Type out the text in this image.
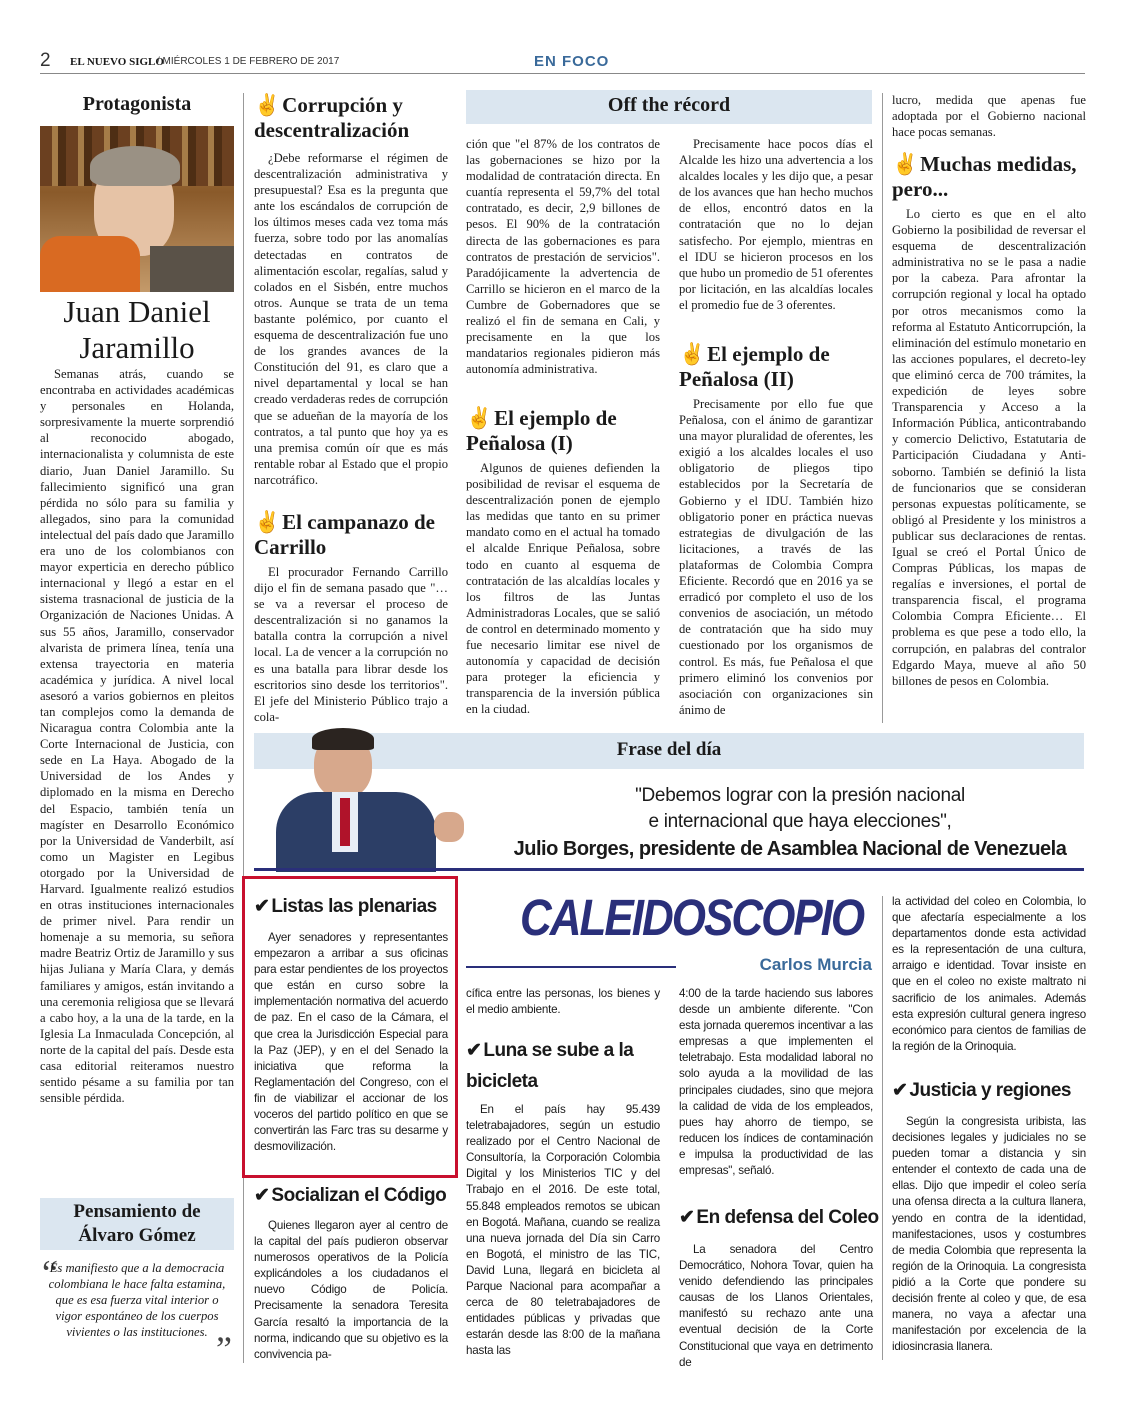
2 EL NUEVO SIGLO
/ MIÉRCOLES 1 DE FEBRERO DE 2017	EN FOCO
Protagonista
Juan Daniel Jaramillo
Semanas atrás, cuando se encontraba en actividades académicas y personales en Holanda, sorpresivamente la muerte sorprendió al reconocido abogado, internacionalista y columnista de este diario, Juan Daniel Jaramillo. Su fallecimiento significó una gran pérdida no sólo para su familia y allegados, sino para la comunidad intelectual del país dado que Jaramillo era uno de los colombianos con mayor experticia en derecho público internacional y llegó a estar en el sistema trasnacional de justicia de la Organización de Naciones Unidas. A sus 55 años, Jaramillo, conservador alvarista de primera línea, tenía una extensa trayectoria en materia académica y jurídica. A nivel local asesoró a varios gobiernos en pleitos tan complejos como la demanda de Nicaragua contra Colombia ante la Corte Internacional de Justicia, con sede en La Haya. Abogado de la Universidad de los Andes y diplomado en la misma en Derecho del Espacio, también tenía un magíster en Desarrollo Económico por la Universidad de Vanderbilt, así como un Magister en Legibus otorgado por la Universidad de Harvard. Igualmente realizó estudios en otras instituciones internacionales de primer nivel. Para rendir un homenaje a su memoria, su señora madre Beatriz Ortiz de Jaramillo y sus hijas Juliana y María Clara, y demás familiares y amigos, están invitando a una ceremonia religiosa que se llevará a cabo hoy, a la una de la tarde, en la Iglesia La Inmaculada Concepción, al norte de la capital del país. Desde esta casa editorial reiteramos nuestro sentido pésame a su familia por tan sensible pérdida.
Pensamiento de Álvaro Gómez
“
Es manifiesto que a la democracia colombiana le hace falta estamina, que es esa fuerza vital interior o vigor espontáneo de los cuerpos vivientes o las instituciones. ”
✌Corrupción y descentralización
¿Debe reformarse el régimen de descentralización administrativa y presupuestal? Esa es la pregunta que ante los escándalos de corrupción de los últimos meses cada vez toma más fuerza, sobre todo por las anomalías detectadas en contratos de alimentación escolar, regalías, salud y colados en el Sisbén, entre muchos otros. Aunque se trata de un tema bastante polémico, por cuanto el esquema de descentralización fue uno de los grandes avances de la Constitución del 91, es claro que a nivel departamental y local se han creado verdaderas redes de corrupción que se adueñan de la mayoría de los contratos, a tal punto que hoy ya es una premisa común oír que es más rentable robar al Estado que el propio narcotráfico.
✌El campanazo de Carrillo
El procurador Fernando Carrillo dijo el fin de semana pasado que "… se va a reversar el proceso de descentralización si no ganamos la batalla contra la corrupción a nivel local. La de vencer a la corrupción no es una batalla para librar desde los escritorios sino desde los territorios". El jefe del Ministerio Público trajo a cola-
Off the récord
ción que "el 87% de los contratos de las gobernaciones se hizo por la modalidad de contratación directa. En cuantía representa el 59,7% del total contratado, es decir, 2,9 billones de pesos. El 90% de la contratación directa de las gobernaciones es para contratos de prestación de servicios". Paradójicamente la advertencia de Carrillo se hicieron en el marco de la Cumbre de Gobernadores que se realizó el fin de semana en Cali, y precisamente en la que los mandatarios regionales pidieron más autonomía administrativa.
✌El ejemplo de Peñalosa (I)
Algunos de quienes defienden la posibilidad de revisar el esquema de descentralización ponen de ejemplo las medidas que tanto en su primer mandato como en el actual ha tomado el alcalde Enrique Peñalosa, sobre todo en cuanto al esquema de contratación de las alcaldías locales y los filtros de las Juntas Administradoras Locales, que se salió de control en determinado momento y fue necesario limitar ese nivel de autonomía y capacidad de decisión para proteger la eficiencia y transparencia de la inversión pública en la ciudad.
Precisamente hace pocos días el Alcalde les hizo una advertencia a los alcaldes locales y les dijo que, a pesar de los avances que han hecho muchos de ellos, encontró datos en la contratación que no lo dejan satisfecho. Por ejemplo, mientras en el IDU se hicieron procesos en los que hubo un promedio de 51 oferentes por licitación, en las alcaldías locales el promedio fue de 3 oferentes.
✌El ejemplo de Peñalosa (II)
Precisamente por ello fue que Peñalosa, con el ánimo de garantizar una mayor pluralidad de oferentes, les exigió a los alcaldes locales el uso obligatorio de pliegos tipo establecidos por la Secretaría de Gobierno y el IDU. También hizo obligatorio poner en práctica nuevas estrategias de divulgación de las licitaciones, a través de las plataformas de Colombia Compra Eficiente. Recordó que en 2016 ya se erradicó por completo el uso de los convenios de asociación, un método de contratación que ha sido muy cuestionado por los organismos de control. Es más, fue Peñalosa el que primero eliminó los convenios por asociación con organizaciones sin ánimo de
lucro, medida que apenas fue adoptada por el Gobierno nacional hace pocas semanas.
✌Muchas medidas, pero...
Lo cierto es que en el alto Gobierno la posibilidad de reversar el esquema de descentralización administrativa no se le pasa a nadie por la cabeza. Para afrontar la corrupción regional y local ha optado por otros mecanismos como la reforma al Estatuto Anticorrupción, la eliminación del estímulo monetario en las acciones populares, el decreto-ley que eliminó cerca de 700 trámites, la expedición de leyes sobre Transparencia y Acceso a la Información Pública, anticontrabando y comercio Delictivo, Estatutaria de Participación Ciudadana y Anti-soborno. También se definió la lista de funcionarios que se consideran personas expuestas políticamente, se obligó al Presidente y los ministros a publicar sus declaraciones de rentas. Igual se creó el Portal Único de Compras Públicas, los mapas de regalías e inversiones, el portal de transparencia fiscal, el programa Colombia Compra Eficiente… El problema es que pese a todo ello, la corrupción, en palabras del contralor Edgardo Maya, mueve al año 50 billones de pesos en Colombia.
Frase del día
"Debemos lograr con la presión nacional
e internacional que haya elecciones",
Julio Borges, presidente de Asamblea Nacional de Venezuela
✔ Listas las plenarias
Ayer senadores y representantes empezaron a arribar a sus oficinas para estar pendientes de los proyectos que están en curso sobre la implementación normativa del acuerdo de paz. En el caso de la Cámara, el que crea la Jurisdicción Especial para la Paz (JEP), y en el del Senado la iniciativa que reforma la Reglamentación del Congreso, con el fin de viabilizar el accionar de los voceros del partido político en que se convertirán las Farc tras su desarme y desmovilización.
✔ Socializan el Código
Quienes llegaron ayer al centro de la capital del país pudieron observar numerosos operativos de la Policía explicándoles a los ciudadanos el nuevo Código de Policía. Precisamente la senadora Teresita García resaltó la importancia de la norma, indicando que su objetivo es la convivencia pa-
CALEIDOSCOPIO
Carlos Murcia
cífica entre las personas, los bienes y el medio ambiente.
✔ Luna se sube a la bicicleta
En el país hay 95.439 teletrabajadores, según un estudio realizado por el Centro Nacional de Consultoría, la Corporación Colombia Digital y los Ministerios TIC y del Trabajo en el 2016. De este total, 55.848 empleados remotos se ubican en Bogotá. Mañana, cuando se realiza una nueva jornada del Día sin Carro en Bogotá, el ministro de las TIC, David Luna, llegará en bicicleta al Parque Nacional para acompañar a cerca de 80 teletrabajadores de entidades públicas y privadas que estarán desde las 8:00 de la mañana hasta las
4:00 de la tarde haciendo sus labores desde un ambiente diferente. "Con esta jornada queremos incentivar a las empresas a que implementen el teletrabajo. Esta modalidad laboral no solo ayuda a la movilidad de las principales ciudades, sino que mejora la calidad de vida de los empleados, pues hay ahorro de tiempo, se reducen los índices de contaminación e impulsa la productividad de las empresas", señaló.
✔ En defensa del Coleo
La senadora del Centro Democrático, Nohora Tovar, quien ha venido defendiendo las principales causas de los Llanos Orientales, manifestó su rechazo ante una eventual decisión de la Corte Constitucional que vaya en detrimento de
la actividad del coleo en Colombia, lo que afectaría especialmente a los departamentos donde esta actividad es la representación de una cultura, arraigo e identidad. Tovar insiste en que en el coleo no existe maltrato ni sacrificio de los animales. Además esta expresión cultural genera ingreso económico para cientos de familias de la región de la Orinoquia.
✔ Justicia y regiones
Según la congresista uribista, las decisiones legales y judiciales no se pueden tomar a distancia y sin entender el contexto de cada una de ellas. Dijo que impedir el coleo sería una ofensa directa a la cultura llanera, yendo en contra de la identidad, manifestaciones, usos y costumbres de media Colombia que representa la región de la Orinoquia. La congresista pidió a la Corte que pondere su decisión frente al coleo y que, de esa manera, no vaya a afectar una manifestación por excelencia de la idiosincrasia llanera.
